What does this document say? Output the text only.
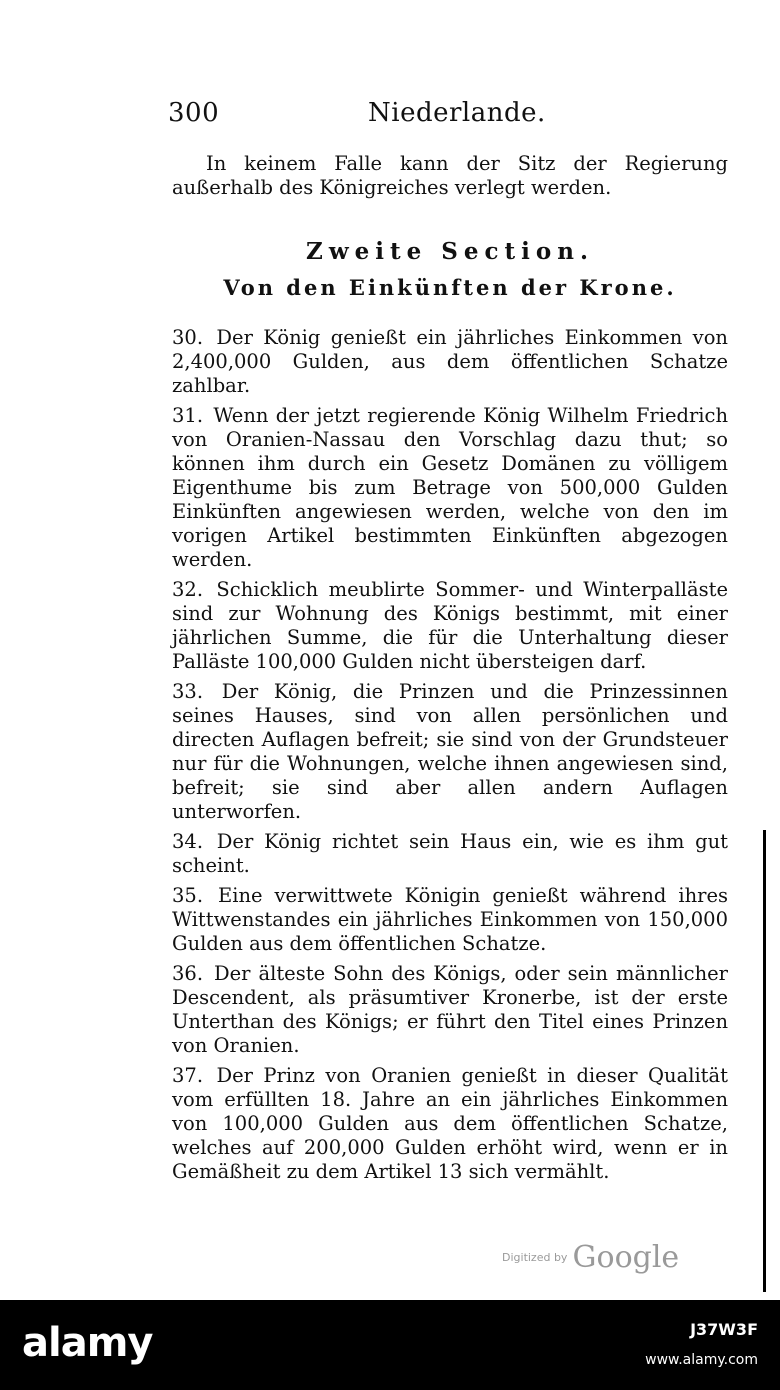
300	Niederlande.

In keinem Falle kann der Sitz der Regierung außerhalb des Königreiches verlegt werden.

Zweite Section.

Von den Einkünften der Krone.

30. Der König genießt ein jährliches Einkommen von 2,400,000 Gulden, aus dem öffentlichen Schatze zahlbar.

31. Wenn der jetzt regierende König Wilhelm Friedrich von Oranien-Nassau den Vorschlag dazu thut; so können ihm durch ein Gesetz Domänen zu völligem Eigenthume bis zum Betrage von 500,000 Gulden Einkünften angewiesen werden, welche von den im vorigen Artikel bestimmten Einkünften abgezogen werden.

32. Schicklich meublirte Sommer- und Winterpalläste sind zur Wohnung des Königs bestimmt, mit einer jährlichen Summe, die für die Unterhaltung dieser Palläste 100,000 Gulden nicht übersteigen darf.

33. Der König, die Prinzen und die Prinzessinnen seines Hauses, sind von allen persönlichen und directen Auflagen befreit; sie sind von der Grundsteuer nur für die Wohnungen, welche ihnen angewiesen sind, befreit; sie sind aber allen andern Auflagen unterworfen.

34. Der König richtet sein Haus ein, wie es ihm gut scheint.

35. Eine verwittwete Königin genießt während ihres Wittwenstandes ein jährliches Einkommen von 150,000 Gulden aus dem öffentlichen Schatze.

36. Der älteste Sohn des Königs, oder sein männlicher Descendent, als präsumtiver Kronerbe, ist der erste Unterthan des Königs; er führt den Titel eines Prinzen von Oranien.

37. Der Prinz von Oranien genießt in dieser Qualität vom erfüllten 18. Jahre an ein jährliches Einkommen von 100,000 Gulden aus dem öffentlichen Schatze, welches auf 200,000 Gulden erhöht wird, wenn er in Gemäßheit zu dem Artikel 13 sich vermählt.

Digitized by Google
alamy	J37W3F
www.alamy.com
